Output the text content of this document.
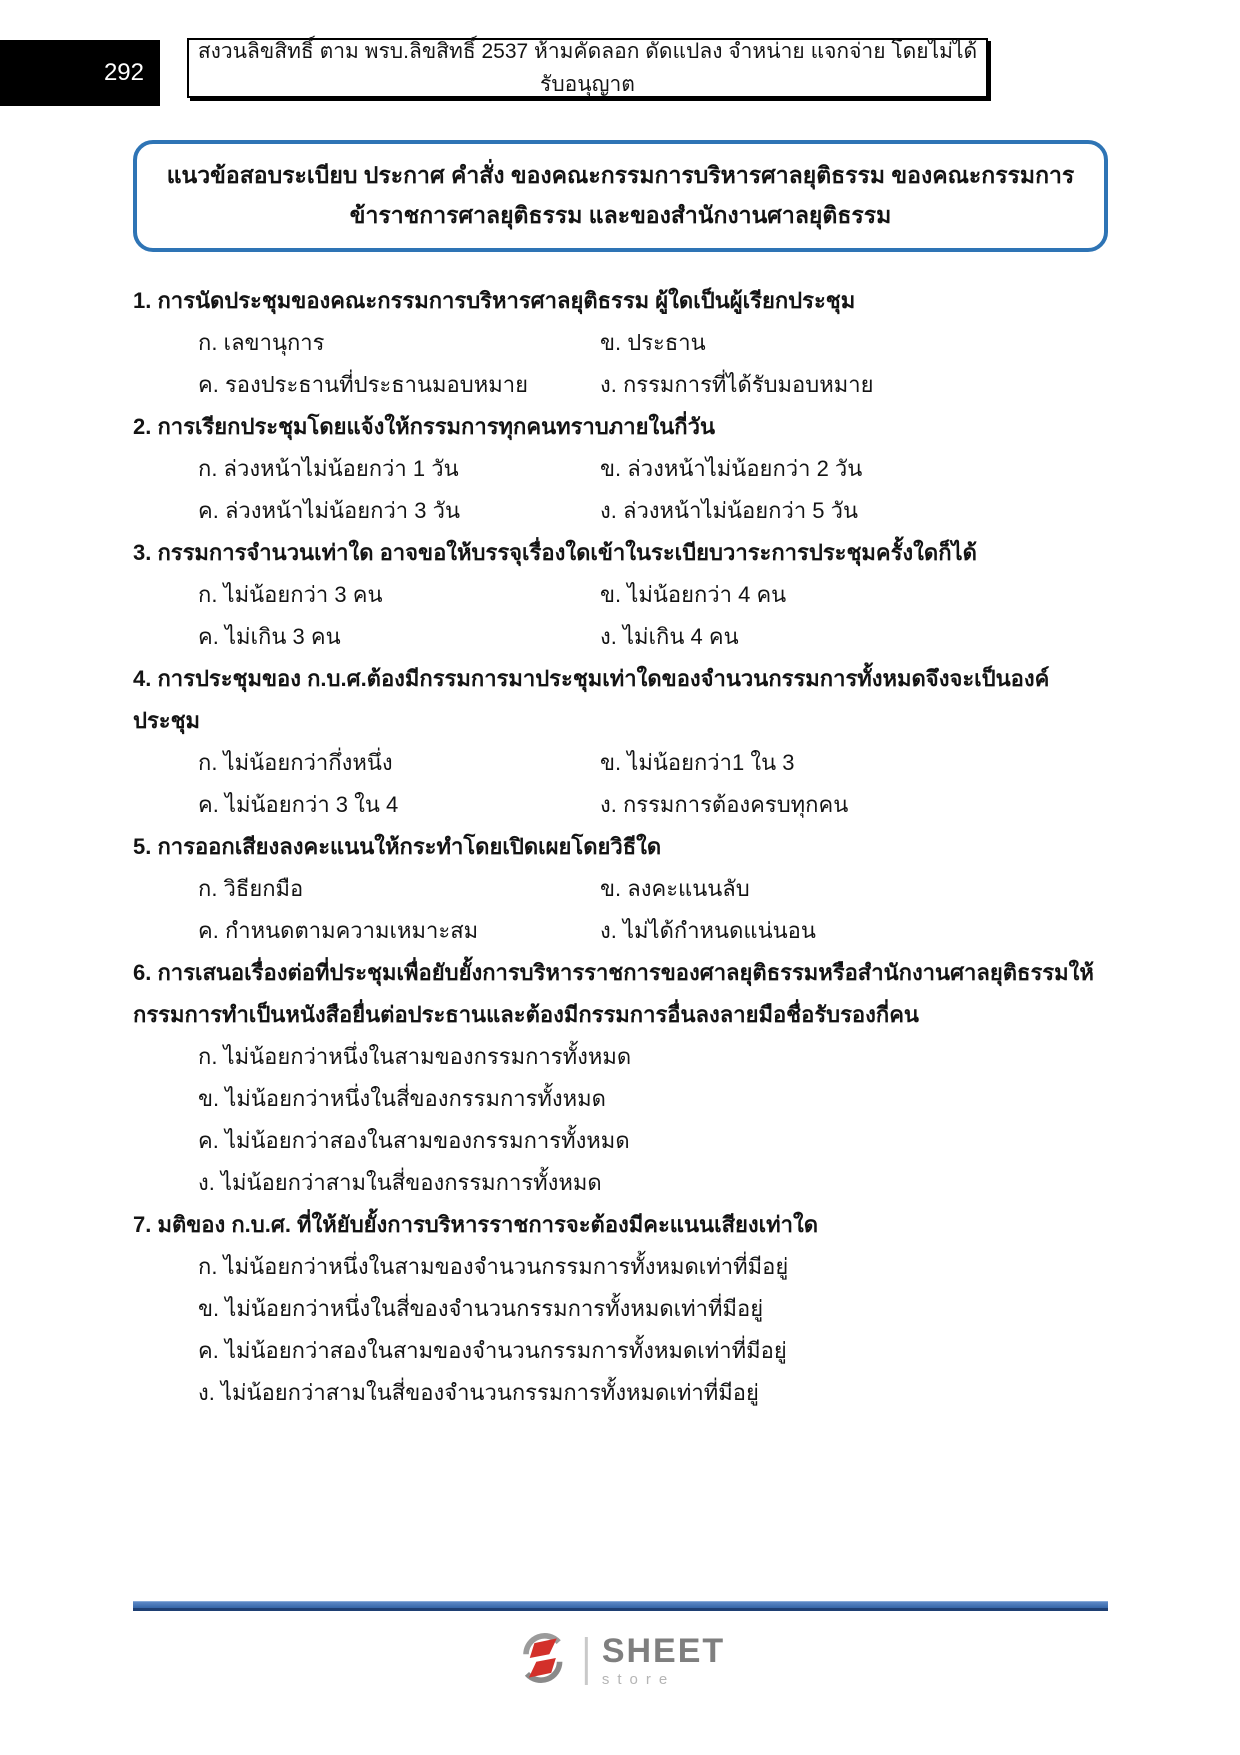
292
สงวนลิขสิทธิ์ ตาม พรบ.ลิขสิทธิ์ 2537 ห้ามคัดลอก ดัดแปลง จำหน่าย แจกจ่าย โดยไม่ได้รับอนุญาต
แนวข้อสอบระเบียบ ประกาศ คำสั่ง ของคณะกรรมการบริหารศาลยุติธรรม ของคณะกรรมการ
ข้าราชการศาลยุติธรรม และของสำนักงานศาลยุติธรรม
1. การนัดประชุมของคณะกรรมการบริหารศาลยุติธรรม ผู้ใดเป็นผู้เรียกประชุม
ก. เลขานุการ	ข. ประธาน
ค. รองประธานที่ประธานมอบหมาย	ง. กรรมการที่ได้รับมอบหมาย
2. การเรียกประชุมโดยแจ้งให้กรรมการทุกคนทราบภายในกี่วัน
ก. ล่วงหน้าไม่น้อยกว่า 1 วัน	ข. ล่วงหน้าไม่น้อยกว่า 2 วัน
ค. ล่วงหน้าไม่น้อยกว่า 3 วัน	ง. ล่วงหน้าไม่น้อยกว่า 5 วัน
3. กรรมการจำนวนเท่าใด อาจขอให้บรรจุเรื่องใดเข้าในระเบียบวาระการประชุมครั้งใดก็ได้
ก. ไม่น้อยกว่า 3 คน	ข. ไม่น้อยกว่า 4 คน
ค. ไม่เกิน 3 คน	ง. ไม่เกิน 4 คน
4. การประชุมของ ก.บ.ศ.ต้องมีกรรมการมาประชุมเท่าใดของจำนวนกรรมการทั้งหมดจึงจะเป็นองค์ประชุม
ก. ไม่น้อยกว่ากึ่งหนึ่ง	ข. ไม่น้อยกว่า1 ใน 3
ค. ไม่น้อยกว่า 3 ใน 4	ง. กรรมการต้องครบทุกคน
5. การออกเสียงลงคะแนนให้กระทำโดยเปิดเผยโดยวิธีใด
ก. วิธียกมือ	ข. ลงคะแนนลับ
ค. กำหนดตามความเหมาะสม	ง. ไม่ได้กำหนดแน่นอน
6. การเสนอเรื่องต่อที่ประชุมเพื่อยับยั้งการบริหารราชการของศาลยุติธรรมหรือสำนักงานศาลยุติธรรมให้กรรมการทำเป็นหนังสือยื่นต่อประธานและต้องมีกรรมการอื่นลงลายมือชื่อรับรองกี่คน
ก. ไม่น้อยกว่าหนึ่งในสามของกรรมการทั้งหมด
ข. ไม่น้อยกว่าหนึ่งในสี่ของกรรมการทั้งหมด
ค. ไม่น้อยกว่าสองในสามของกรรมการทั้งหมด
ง. ไม่น้อยกว่าสามในสี่ของกรรมการทั้งหมด
7. มติของ ก.บ.ศ. ที่ให้ยับยั้งการบริหารราชการจะต้องมีคะแนนเสียงเท่าใด
ก. ไม่น้อยกว่าหนึ่งในสามของจำนวนกรรมการทั้งหมดเท่าที่มีอยู่
ข. ไม่น้อยกว่าหนึ่งในสี่ของจำนวนกรรมการทั้งหมดเท่าที่มีอยู่
ค. ไม่น้อยกว่าสองในสามของจำนวนกรรมการทั้งหมดเท่าที่มีอยู่
ง. ไม่น้อยกว่าสามในสี่ของจำนวนกรรมการทั้งหมดเท่าที่มีอยู่
SHEET
store
